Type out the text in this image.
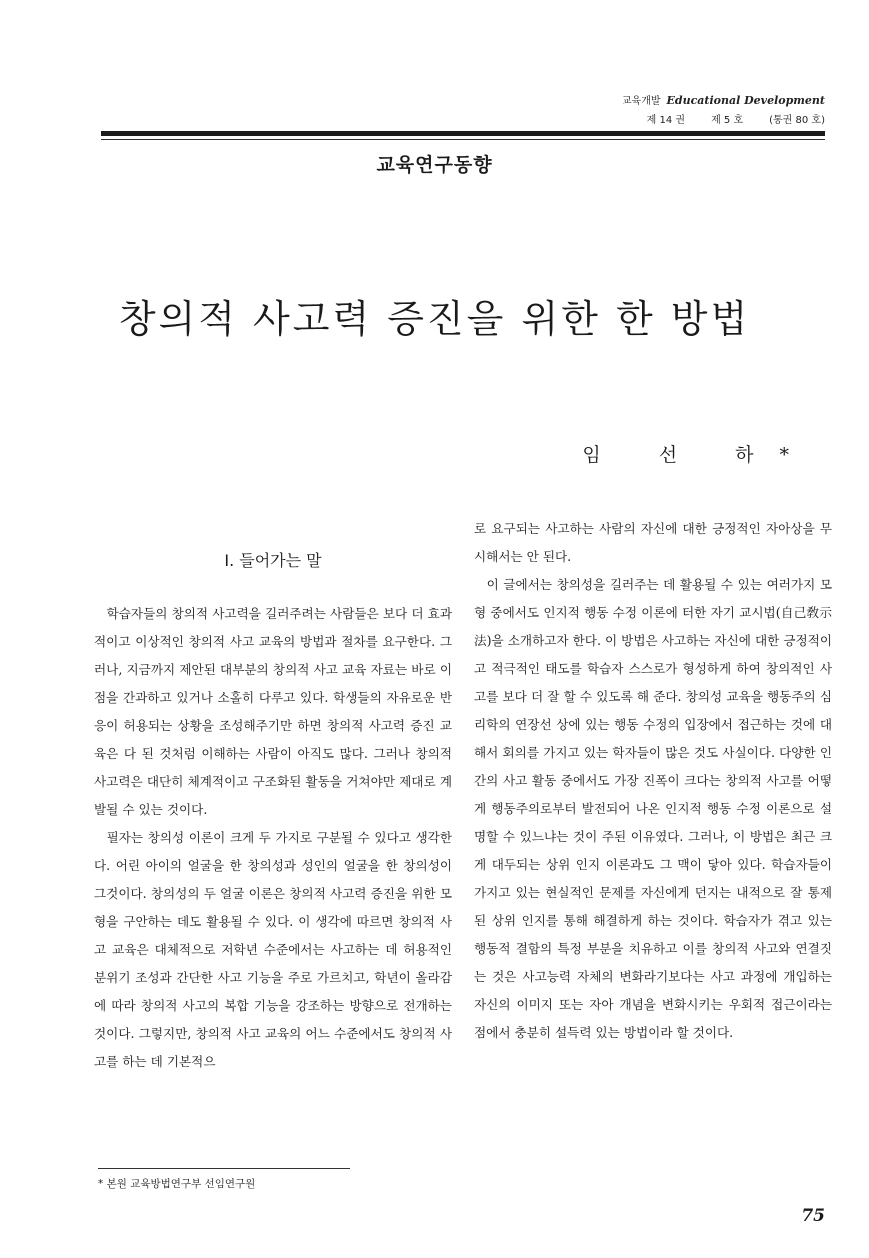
교육개발 Educational Development
제 14 권	제 5 호	(통권 80 호)
교육연구동향
창의적 사고력 증진을 위한 한 방법
임 선 하*
Ⅰ. 들어가는 말

학습자들의 창의적 사고력을 길러주려는 사람들은 보다 더 효과적이고 이상적인 창의적 사고 교육의 방법과 절차를 요구한다. 그러나, 지금까지 제안된 대부분의 창의적 사고 교육 자료는 바로 이 점을 간과하고 있거나 소홀히 다루고 있다. 학생들의 자유로운 반응이 허용되는 상황을 조성해주기만 하면 창의적 사고력 증진 교육은 다 된 것처럼 이해하는 사람이 아직도 많다. 그러나 창의적 사고력은 대단히 체계적이고 구조화된 활동을 거쳐야만 제대로 계발될 수 있는 것이다.

필자는 창의성 이론이 크게 두 가지로 구분될 수 있다고 생각한다. 어린 아이의 얼굴을 한 창의성과 성인의 얼굴을 한 창의성이 그것이다. 창의성의 두 얼굴 이론은 창의적 사고력 증진을 위한 모형을 구안하는 데도 활용될 수 있다. 이 생각에 따르면 창의적 사고 교육은 대체적으로 저학년 수준에서는 사고하는 데 허용적인 분위기 조성과 간단한 사고 기능을 주로 가르치고, 학년이 올라감에 따라 창의적 사고의 복합 기능을 강조하는 방향으로 전개하는 것이다. 그렇지만, 창의적 사고 교육의 어느 수준에서도 창의적 사고를 하는 데 기본적으

로 요구되는 사고하는 사람의 자신에 대한 긍정적인 자아상을 무시해서는 안 된다.

이 글에서는 창의성을 길러주는 데 활용될 수 있는 여러가지 모형 중에서도 인지적 행동 수정 이론에 터한 자기 교시법(自己敎示法)을 소개하고자 한다. 이 방법은 사고하는 자신에 대한 긍정적이고 적극적인 태도를 학습자 스스로가 형성하게 하여 창의적인 사고를 보다 더 잘 할 수 있도록 해 준다. 창의성 교육을 행동주의 심리학의 연장선 상에 있는 행동 수정의 입장에서 접근하는 것에 대해서 회의를 가지고 있는 학자들이 많은 것도 사실이다. 다양한 인간의 사고 활동 중에서도 가장 진폭이 크다는 창의적 사고를 어떻게 행동주의로부터 발전되어 나온 인지적 행동 수정 이론으로 설명할 수 있느냐는 것이 주된 이유였다. 그러나, 이 방법은 최근 크게 대두되는 상위 인지 이론과도 그 맥이 닿아 있다. 학습자들이 가지고 있는 현실적인 문제를 자신에게 던지는 내적으로 잘 통제된 상위 인지를 통해 해결하게 하는 것이다. 학습자가 겪고 있는 행동적 결함의 특정 부분을 치유하고 이를 창의적 사고와 연결짓는 것은 사고능력 자체의 변화라기보다는 사고 과정에 개입하는 자신의 이미지 또는 자아 개념을 변화시키는 우회적 접근이라는 점에서 충분히 설득력 있는 방법이라 할 것이다.

* 본원 교육방법연구부 선임연구원
75
